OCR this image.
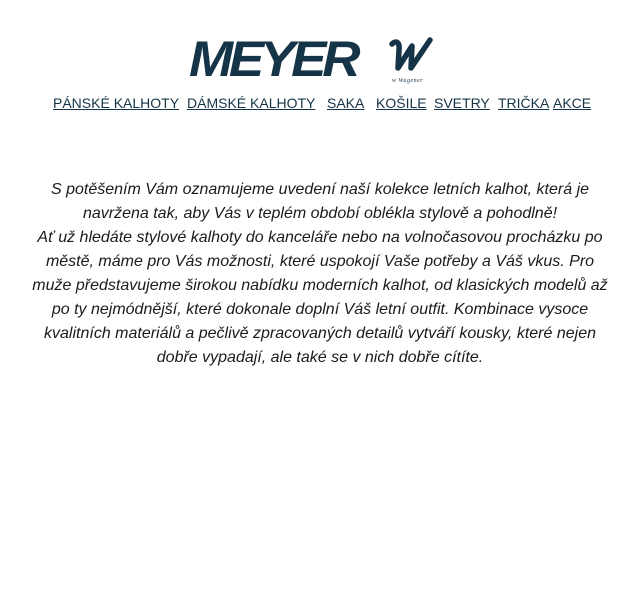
MEYER	w Wagener
PÁNSKÉ KALHOTY DÁMSKÉ KALHOTY SAKA KOŠILE SVETRY TRIČKA AKCE

S potěšením Vám oznamujeme uvedení naší kolekce letních kalhot, která je navržena tak, aby Vás v teplém období oblékla stylově a pohodlně!

Ať už hledáte stylové kalhoty do kanceláře nebo na volnočasovou procházku po městě, máme pro Vás možnosti, které uspokojí Vaše potřeby a Váš vkus. Pro muže představujeme širokou nabídku moderních kalhot, od klasických modelů až po ty nejmódnější, které dokonale doplní Váš letní outfit. Kombinace vysoce kvalitních materiálů a pečlivě zpracovaných detailů vytváří kousky, které nejen dobře vypadají, ale také se v nich dobře cítíte.
